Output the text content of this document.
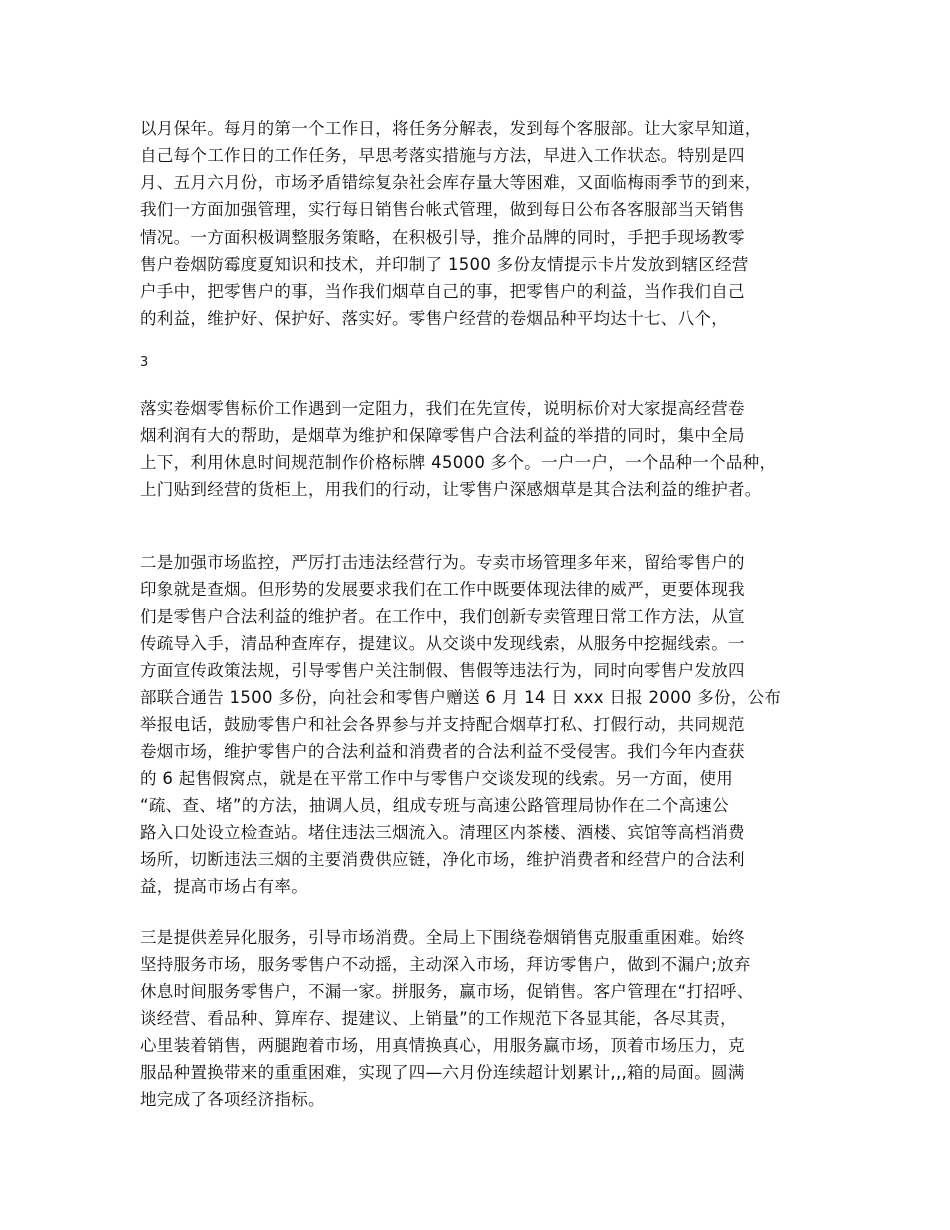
以月保年。每月的第一个工作日，将任务分解表，发到每个客服部。让大家早知道，
自己每个工作日的工作任务，早思考落实措施与方法，早进入工作状态。特别是四
月、五月六月份，市场矛盾错综复杂社会库存量大等困难，又面临梅雨季节的到来，
我们一方面加强管理，实行每日销售台帐式管理，做到每日公布各客服部当天销售
情况。一方面积极调整服务策略，在积极引导，推介品牌的同时，手把手现场教零
售户卷烟防霉度夏知识和技术，并印制了 1500 多份友情提示卡片发放到辖区经营
户手中，把零售户的事，当作我们烟草自己的事，把零售户的利益，当作我们自己
的利益，维护好、保护好、落实好。零售户经营的卷烟品种平均达十七、八个，
3
落实卷烟零售标价工作遇到一定阻力，我们在先宣传，说明标价对大家提高经营卷
烟利润有大的帮助，是烟草为维护和保障零售户合法利益的举措的同时，集中全局
上下，利用休息时间规范制作价格标牌 45000 多个。一户一户，一个品种一个品种，
上门贴到经营的货柜上，用我们的行动，让零售户深感烟草是其合法利益的维护者。
二是加强市场监控，严厉打击违法经营行为。专卖市场管理多年来，留给零售户的
印象就是查烟。但形势的发展要求我们在工作中既要体现法律的威严，更要体现我
们是零售户合法利益的维护者。在工作中，我们创新专卖管理日常工作方法，从宣
传疏导入手，清品种查库存，提建议。从交谈中发现线索，从服务中挖掘线索。一
方面宣传政策法规，引导零售户关注制假、售假等违法行为，同时向零售户发放四
部联合通告 1500 多份，向社会和零售户赠送 6 月 14 日 xxx 日报 2000 多份，公布
举报电话，鼓励零售户和社会各界参与并支持配合烟草打私、打假行动，共同规范
卷烟市场，维护零售户的合法利益和消费者的合法利益不受侵害。我们今年内查获
的 6 起售假窝点，就是在平常工作中与零售户交谈发现的线索。另一方面，使用
“疏、查、堵”的方法，抽调人员，组成专班与高速公路管理局协作在二个高速公
路入口处设立检查站。堵住违法三烟流入。清理区内茶楼、酒楼、宾馆等高档消费
场所，切断违法三烟的主要消费供应链，净化市场，维护消费者和经营户的合法利
益，提高市场占有率。
三是提供差异化服务，引导市场消费。全局上下围绕卷烟销售克服重重困难。始终
坚持服务市场，服务零售户不动摇，主动深入市场，拜访零售户，做到不漏户;放弃
休息时间服务零售户，不漏一家。拼服务，赢市场，促销售。客户管理在“打招呼、
谈经营、看品种、算库存、提建议、上销量”的工作规范下各显其能，各尽其责，
心里装着销售，两腿跑着市场，用真情换真心，用服务赢市场，顶着市场压力，克
服品种置换带来的重重困难，实现了四—六月份连续超计划累计,,,箱的局面。圆满
地完成了各项经济指标。
